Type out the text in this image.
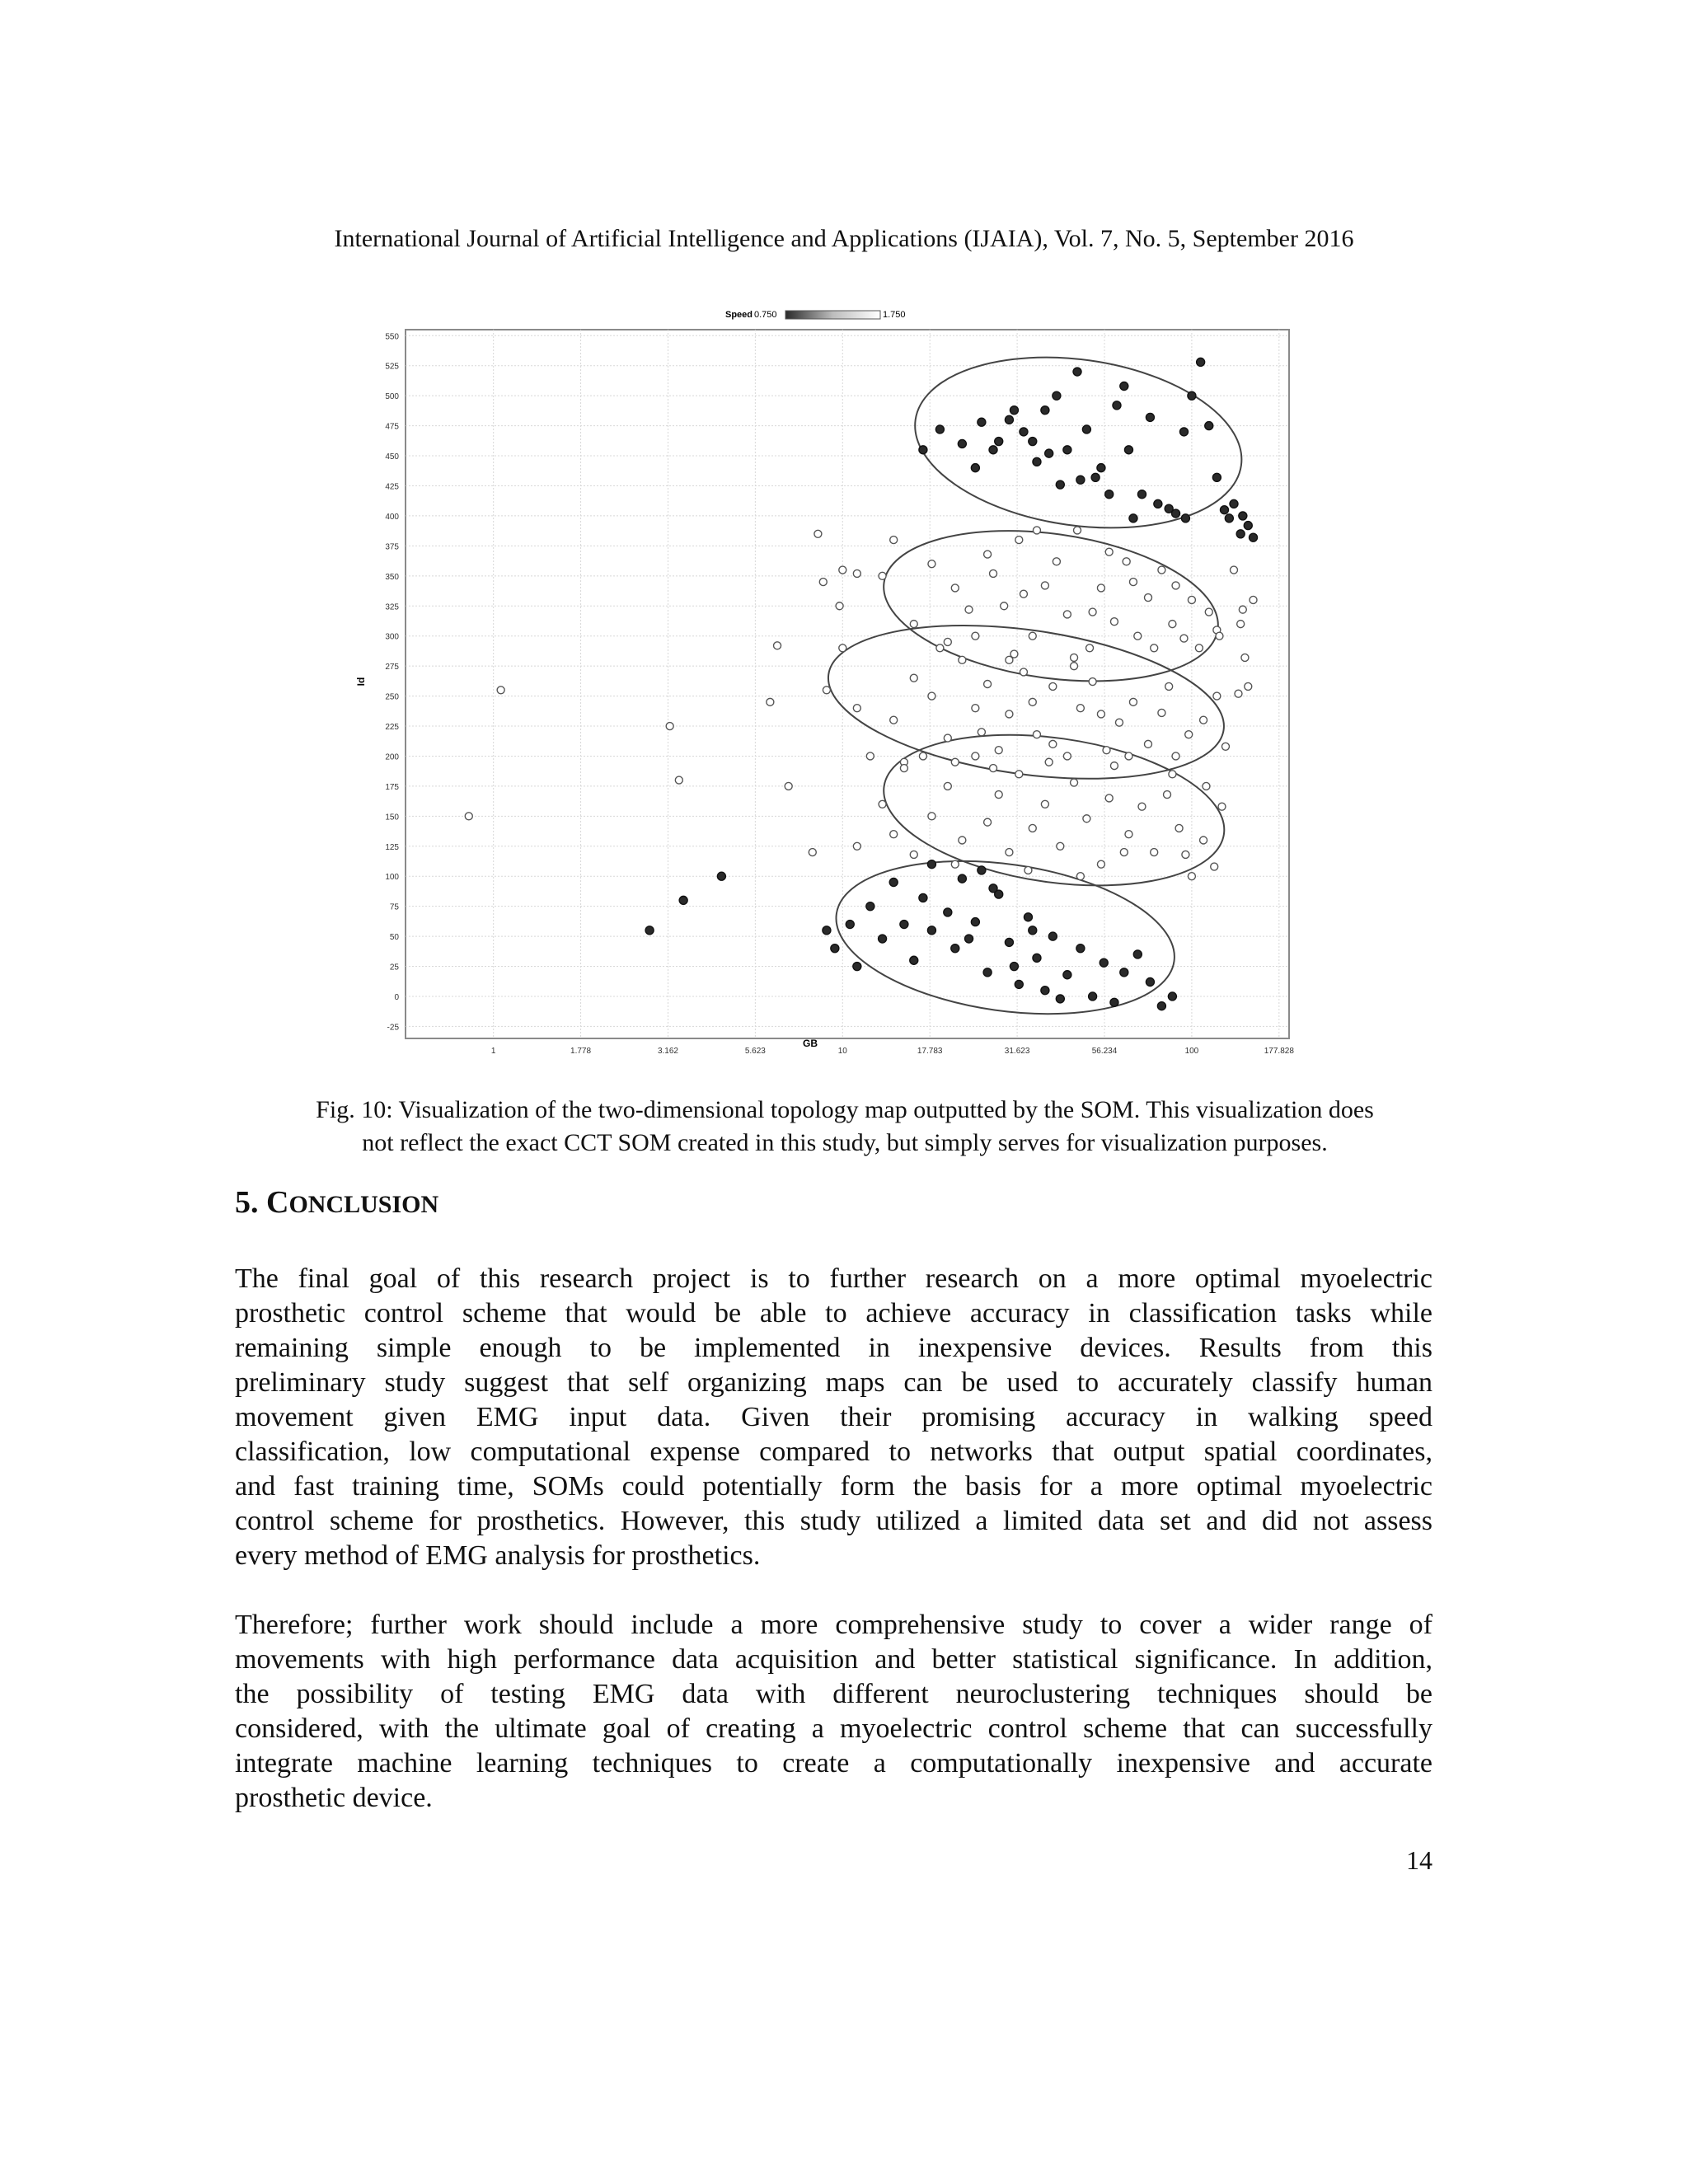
International Journal of Artificial Intelligence and Applications (IJAIA), Vol. 7, No. 5, September 2016
Speed 0.750	1.750
-25
0
25
50
75
100
125
150
175
200
225
250
275
300
325
350
375
400
425
450
475
500
525
550
1	1.778	3.162	5.623	10	17.783	31.623	56.234	100	177.828
Id
GB
Fig. 10: Visualization of the two-dimensional topology map outputted by the SOM. This visualization does
not reflect the exact CCT SOM created in this study, but simply serves for visualization purposes.
5. CONCLUSION
The final goal of this research project is to further research on a more optimal myoelectric
prosthetic control scheme that would be able to achieve accuracy in classification tasks while
remaining simple enough to be implemented in inexpensive devices. Results from this
preliminary study suggest that self organizing maps can be used to accurately classify human
movement given EMG input data. Given their promising accuracy in walking speed
classification, low computational expense compared to networks that output spatial coordinates,
and fast training time, SOMs could potentially form the basis for a more optimal myoelectric
control scheme for prosthetics. However, this study utilized a limited data set and did not assess
every method of EMG analysis for prosthetics.
Therefore; further work should include a more comprehensive study to cover a wider range of
movements with high performance data acquisition and better statistical significance. In addition,
the possibility of testing EMG data with different neuroclustering techniques should be
considered, with the ultimate goal of creating a myoelectric control scheme that can successfully
integrate machine learning techniques to create a computationally inexpensive and accurate
prosthetic device.
14
